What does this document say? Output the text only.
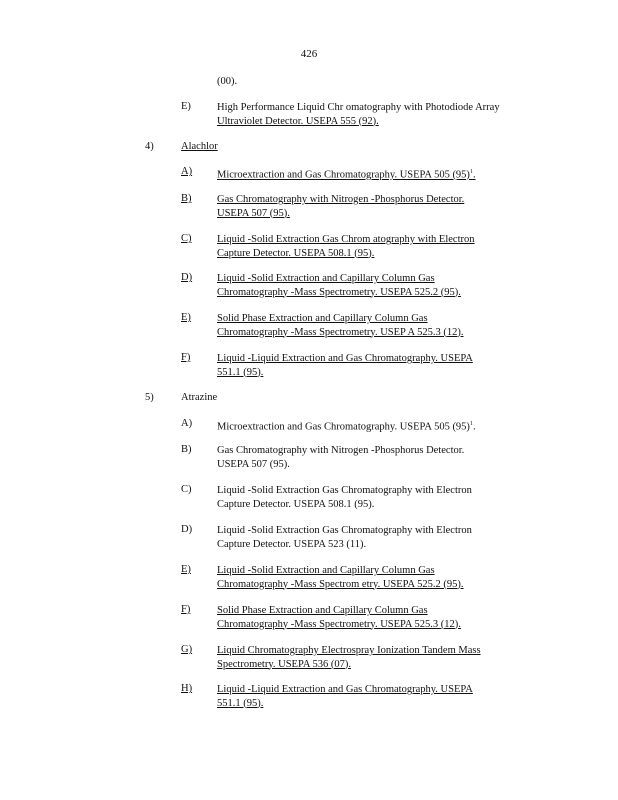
426
(00).
E) High Performance Liquid Chr omatography with Photodiode Array
Ultraviolet Detector. USEPA 555 (92).
4)	Alachlor
A) Microextraction and Gas Chromatography. USEPA 505 $(95)^1$.
B) Gas Chromatography with Nitrogen -Phosphorus Detector.
USEPA 507 (95).
C) Liquid -Solid Extraction Gas Chrom atography with Electron
Capture Detector. USEPA 508.1 (95).
D) Liquid -Solid Extraction and Capillary Column Gas
Chromatography -Mass Spectrometry. USEPA 525.2 (95).
E) Solid Phase Extraction and Capillary Column Gas
Chromatography -Mass Spectrometry. USEP A 525.3 (12).
F)	Liquid -Liquid Extraction and Gas Chromatography. USEPA
551.1 (95).
5)	Atrazine
A) Microextraction and Gas Chromatography. USEPA 505 $(95)^1$.
B) Gas Chromatography with Nitrogen -Phosphorus Detector.
USEPA 507 (95).
C) Liquid -Solid Extraction Gas Chromatography with Electron
Capture Detector. USEPA 508.1 (95).
D) Liquid -Solid Extraction Gas Chromatography with Electron
Capture Detector. USEPA 523 (11).
E) Liquid -Solid Extraction and Capillary Column Gas
Chromatography -Mass Spectrom etry. USEPA 525.2 (95).
F)	Solid Phase Extraction and Capillary Column Gas
Chromatography -Mass Spectrometry. USEPA 525.3 (12).
G) Liquid Chromatography Electrospray Ionization Tandem Mass
Spectrometry. USEPA 536 (07).
H) Liquid -Liquid Extraction and Gas Chromatography. USEPA
551.1 (95).
